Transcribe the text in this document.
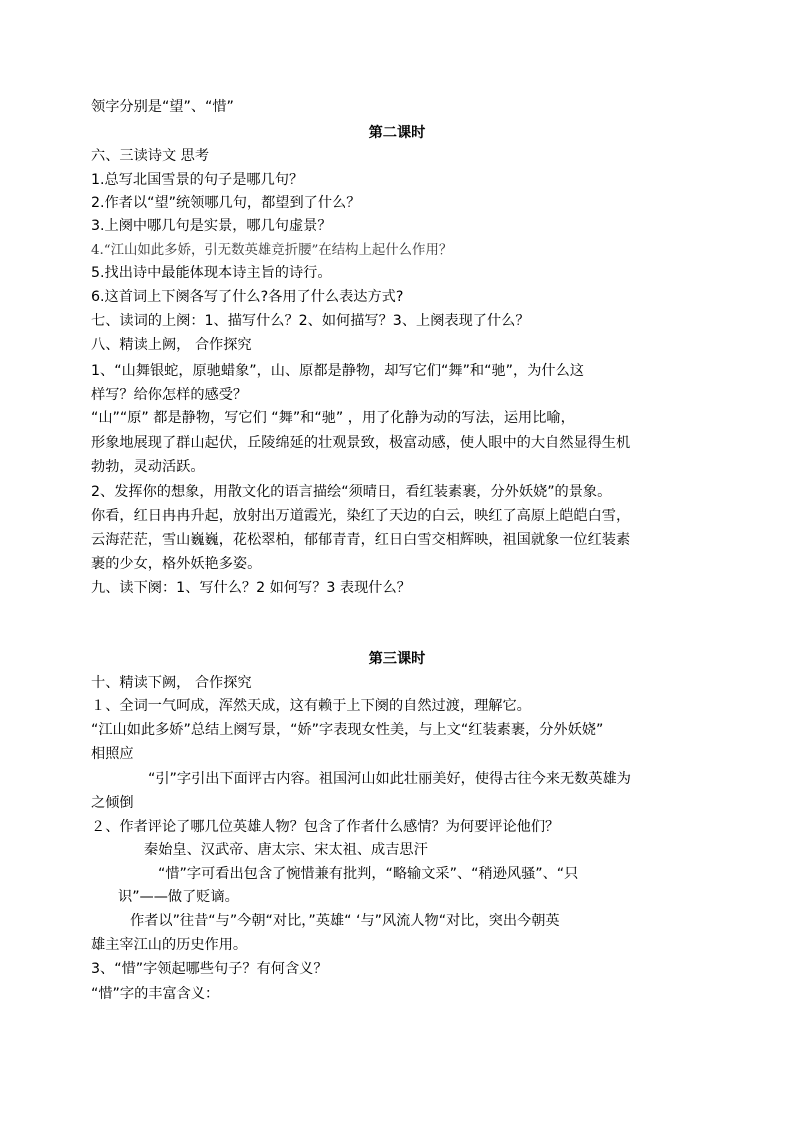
领字分别是“望”、“惜”
第二课时
六、三读诗文 思考
1.总写北国雪景的句子是哪几句？
2.作者以“望”统领哪几句，都望到了什么？
3.上阕中哪几句是实景，哪几句虚景？
4.“江山如此多娇，引无数英雄竞折腰”在结构上起什么作用？
5.找出诗中最能体现本诗主旨的诗行。
6.这首词上下阕各写了什么?各用了什么表达方式?
七、读词的上阕：1、描写什么？2、如何描写？3、上阕表现了什么？
八、精读上阙， 合作探究
1、“山舞银蛇，原驰蜡象”，山、原都是静物，却写它们“舞”和“驰”，为什么这
样写？给你怎样的感受？
“山”“原” 都是静物，写它们 “舞”和“驰” ，用了化静为动的写法，运用比喻，
形象地展现了群山起伏，丘陵绵延的壮观景致，极富动感，使人眼中的大自然显得生机
勃勃，灵动活跃。
2、发挥你的想象，用散文化的语言描绘“须晴日，看红装素裹，分外妖娆”的景象。
你看，红日冉冉升起，放射出万道霞光，染红了天边的白云，映红了高原上皑皑白雪，
云海茫茫，雪山巍巍，花松翠柏，郁郁青青，红日白雪交相辉映，祖国就象一位红装素
裹的少女，格外妖艳多姿。
九、读下阕：1、写什么？2 如何写？3 表现什么？
第三课时
十、精读下阙， 合作探究
１、全词一气呵成，浑然天成，这有赖于上下阕的自然过渡，理解它。
“江山如此多娇”总结上阕写景，“娇”字表现女性美，与上文“红装素裹，分外妖娆”
相照应
“引”字引出下面评古内容。祖国河山如此壮丽美好，使得古往今来无数英雄为
之倾倒
２、作者评论了哪几位英雄人物？包含了作者什么感情？为何要评论他们？
秦始皇、汉武帝、唐太宗、宋太祖、成吉思汗
“惜”字可看出包含了惋惜兼有批判，“略输文采”、“稍逊风骚”、“只
识”——做了贬谪。
作者以”往昔“与”今朝“对比，”英雄“ ‘与”风流人物“对比，突出今朝英
雄主宰江山的历史作用。
3、“惜”字领起哪些句子？有何含义？
“惜”字的丰富含义：
